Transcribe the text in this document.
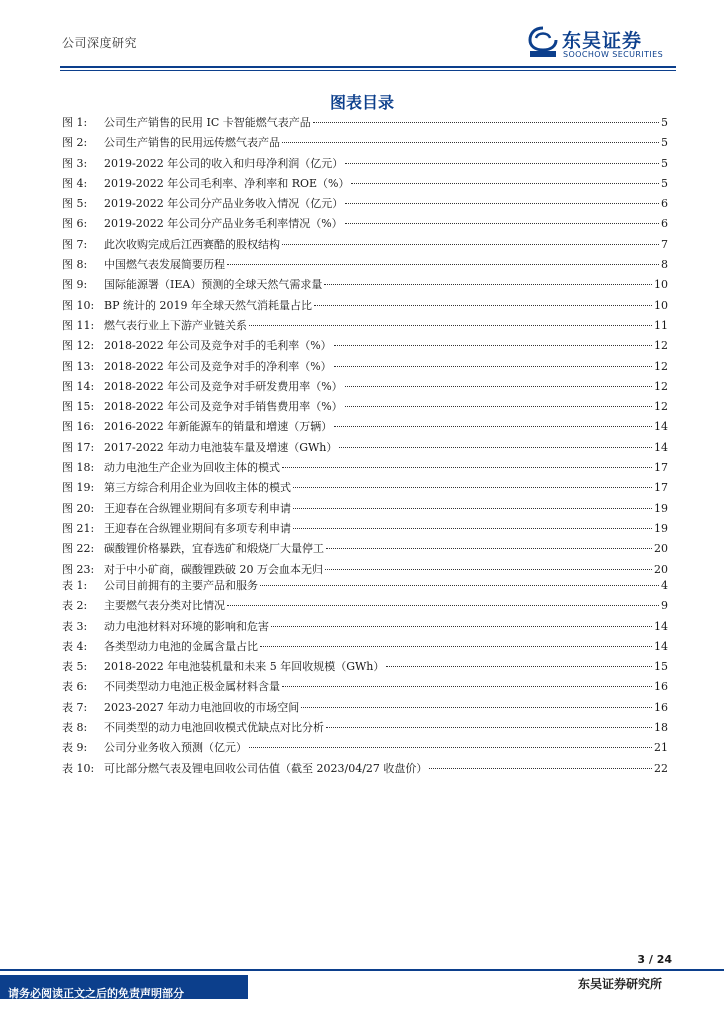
公司深度研究	东吴证券
SOOCHOW SECURITIES
图表目录
图 1:	公司生产销售的民用 IC 卡智能燃气表产品	5
图 2:	公司生产销售的民用远传燃气表产品	5
图 3:	2019-2022 年公司的收入和归母净利润（亿元）	5
图 4:	2019-2022 年公司毛利率、净利率和 ROE（%）	5
图 5:	2019-2022 年公司分产品业务收入情况（亿元）	6
图 6:	2019-2022 年公司分产品业务毛利率情况（%）	6
图 7:	此次收购完成后江西赛酷的股权结构	7
图 8:	中国燃气表发展简要历程	8
图 9:	国际能源署（IEA）预测的全球天然气需求量	10
图 10: BP 统计的 2019 年全球天然气消耗量占比	10
图 11: 燃气表行业上下游产业链关系	11
图 12: 2018-2022 年公司及竞争对手的毛利率（%）	12
图 13: 2018-2022 年公司及竞争对手的净利率（%）	12
图 14: 2018-2022 年公司及竞争对手研发费用率（%）	12
图 15: 2018-2022 年公司及竞争对手销售费用率（%）	12
图 16: 2016-2022 年新能源车的销量和增速（万辆）	14
图 17: 2017-2022 年动力电池装车量及增速（GWh）	14
图 18: 动力电池生产企业为回收主体的模式	17
图 19: 第三方综合利用企业为回收主体的模式	17
图 20: 王迎春在合纵锂业期间有多项专利申请	19
图 21: 王迎春在合纵锂业期间有多项专利申请	19
图 22: 碳酸锂价格暴跌，宜春选矿和煅烧厂大量停工	20
图 23: 对于中小矿商，碳酸锂跌破 20 万会血本无归	20
表 1:	公司目前拥有的主要产品和服务	4
表 2:	主要燃气表分类对比情况	9
表 3:	动力电池材料对环境的影响和危害	14
表 4:	各类型动力电池的金属含量占比	14
表 5:	2018-2022 年电池装机量和未来 5 年回收规模（GWh）	15
表 6:	不同类型动力电池正极金属材料含量	16
表 7:	2023-2027 年动力电池回收的市场空间	16
表 8:	不同类型的动力电池回收模式优缺点对比分析	18
表 9:	公司分业务收入预测（亿元）	21
表 10: 可比部分燃气表及锂电回收公司估值（截至 2023/04/27 收盘价）	22
3 / 24
请务必阅读正文之后的免责声明部分
东吴证券研究所
